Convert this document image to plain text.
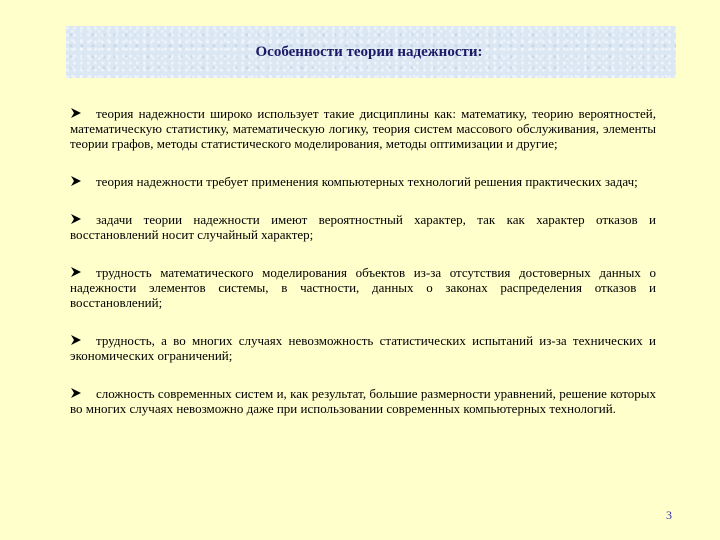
Особенности теории надежности:

теория надежности широко использует такие дисциплины как: математику, теорию вероятностей, математическую статистику, математическую логику, теория систем массового обслуживания, элементы теории графов, методы статистического моделирования, методы оптимизации и другие;

теория надежности требует применения компьютерных технологий решения практических задач;

задачи теории надежности имеют вероятностный характер, так как характер отказов и восстановлений носит случайный характер;

трудность математического моделирования объектов из-за отсутствия достоверных данных о надежности элементов системы, в частности, данных о законах распределения отказов и восстановлений;

трудность, а во многих случаях невозможность статистических испытаний из-за технических и экономических ограничений;

сложность современных систем и, как результат, большие размерности уравнений, решение которых во многих случаях невозможно даже при использовании современных компьютерных технологий.

3
